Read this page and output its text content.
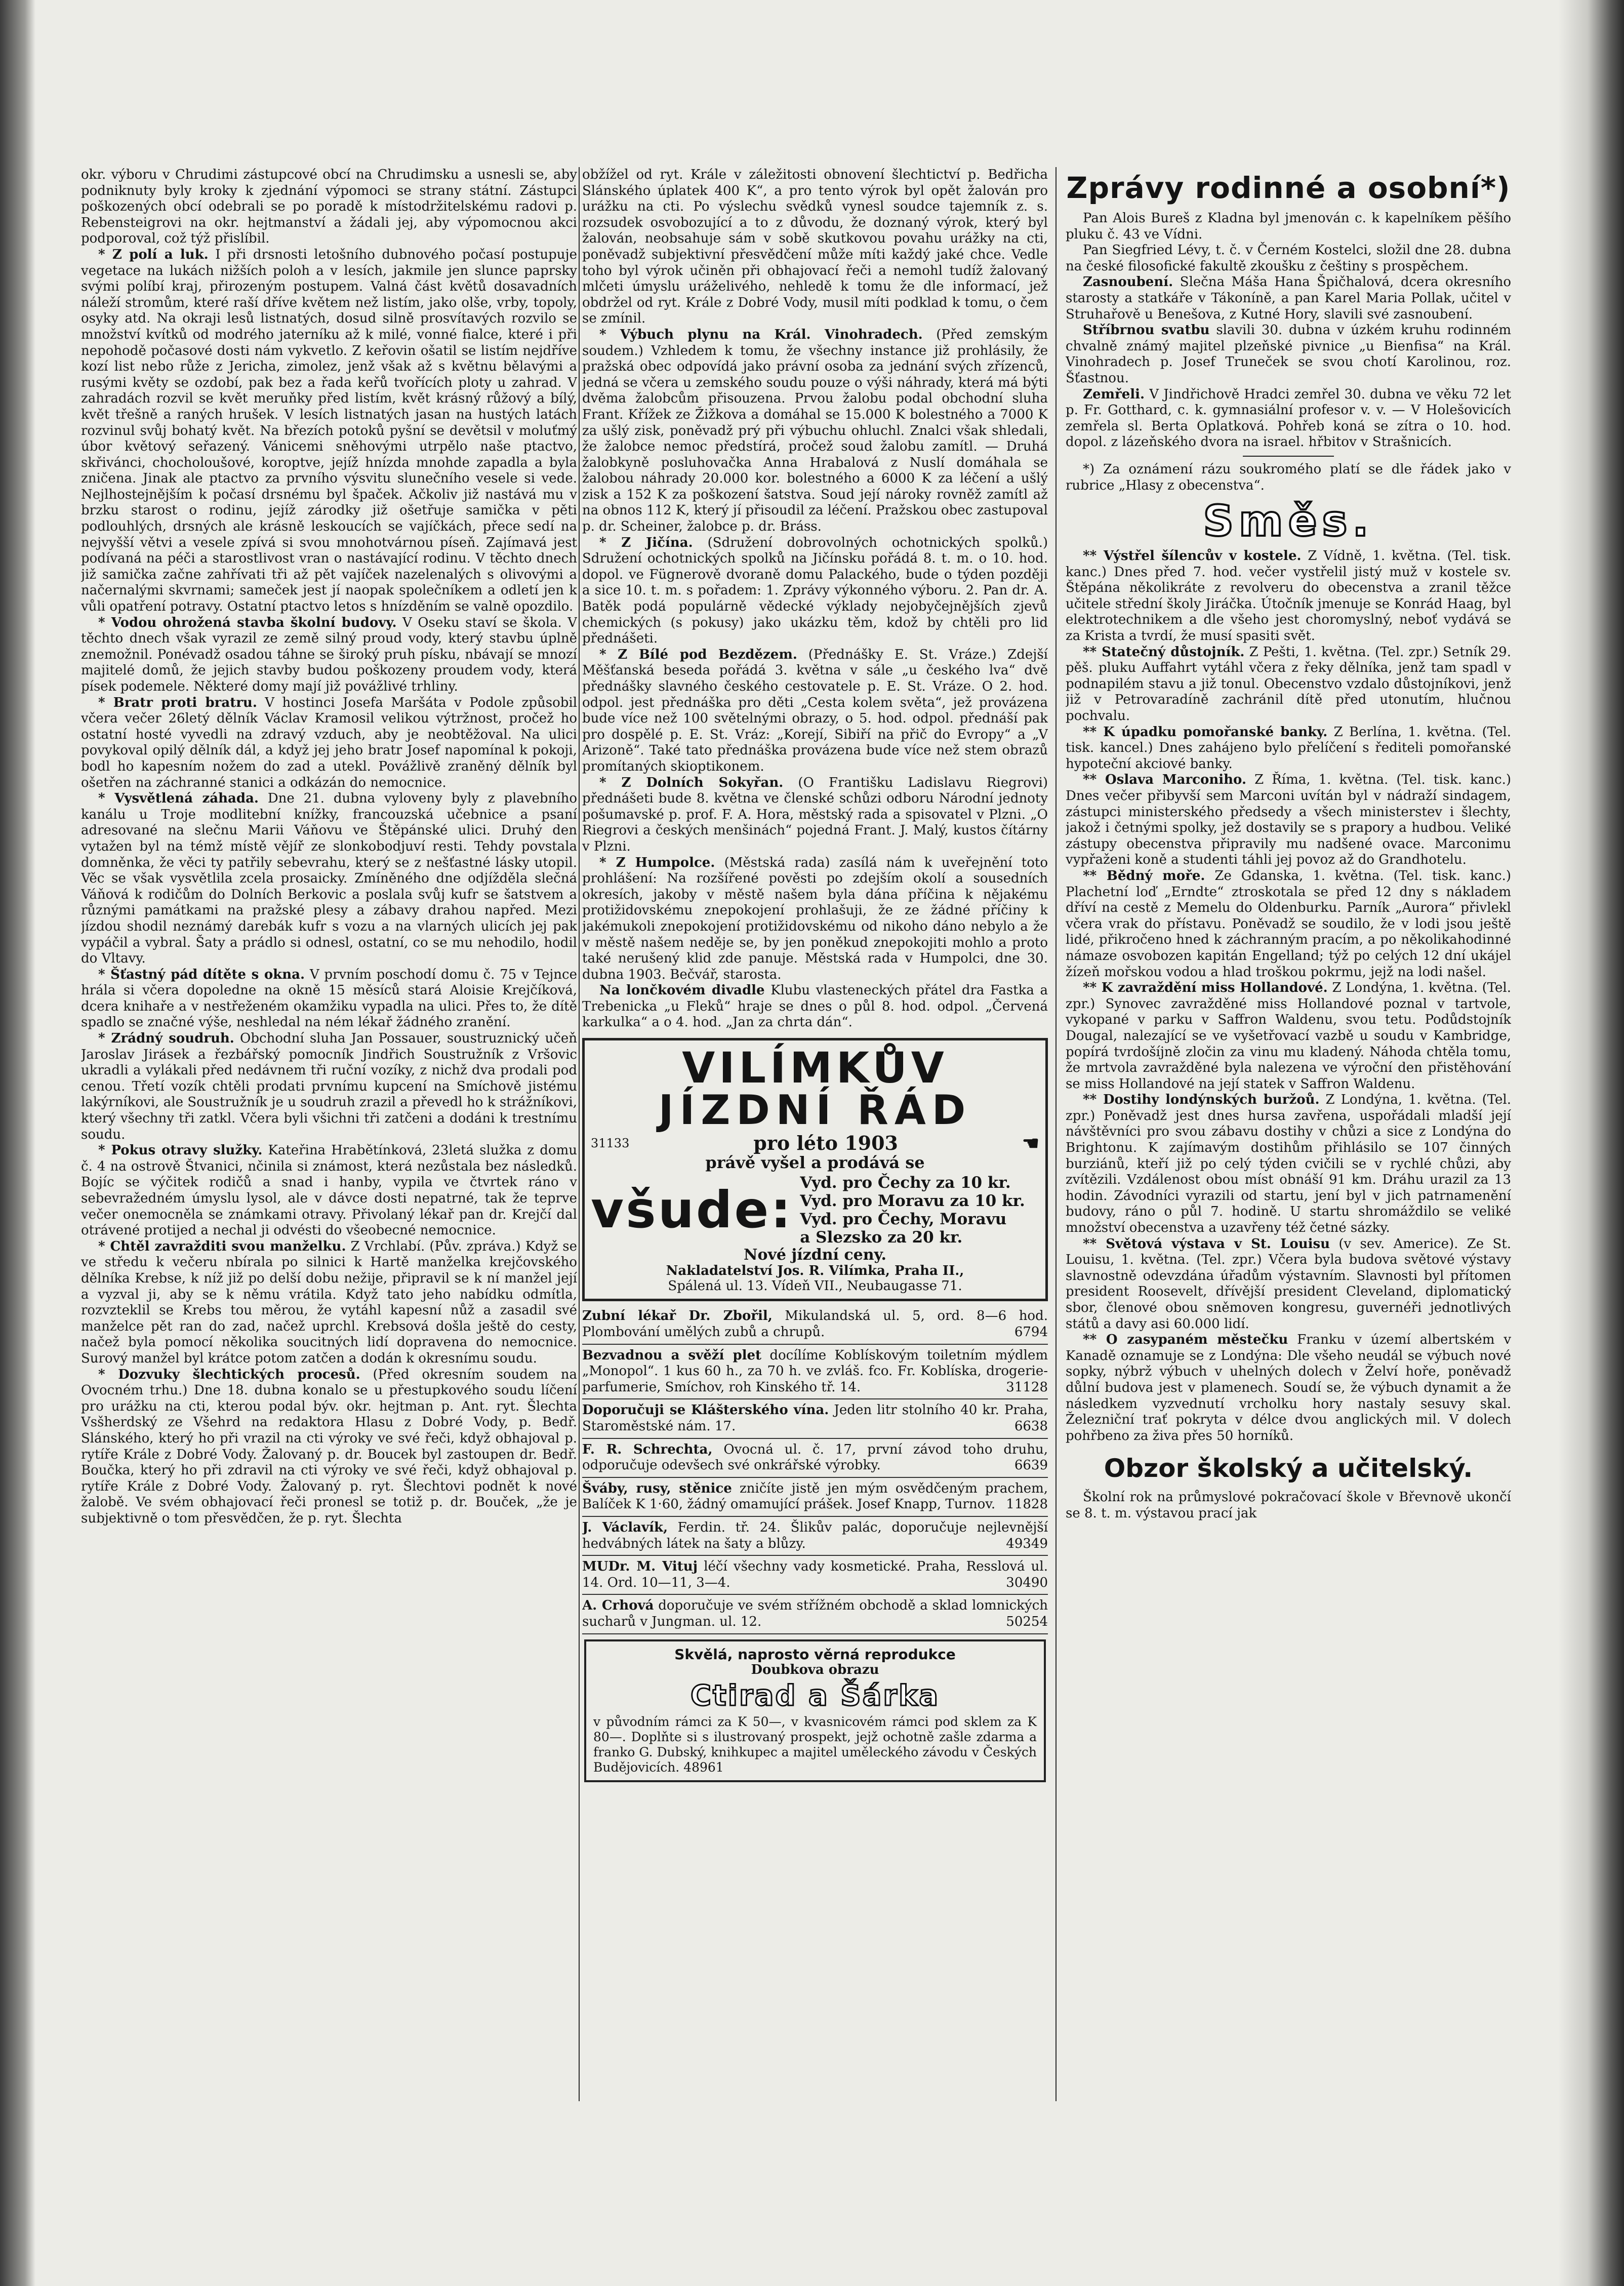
okr. výboru v Chrudimi zástupcové obcí na Chrudimsku a usnesli se, aby podniknuty byly kroky k zjednání výpomoci se strany státní. Zástupci poškozených obcí odebrali se po poradě k místodržitelskému radovi p. Rebensteigrovi na okr. hejtmanství a žádali jej, aby výpomocnou akci podporoval, což týž přislíbil.

* Z polí a luk. I při drsnosti letošního dubnového počasí postupuje vegetace na lukách nižších poloh a v lesích, jakmile jen slunce paprsky svými políbí kraj, přirozeným postupem. Valná část květů dosavadních náleží stromům, které raší dříve květem než listím, jako olše, vrby, topoly, osyky atd. Na okraji lesů listnatých, dosud silně prosvítavých rozvilo se množství kvítků od modrého jaterníku až k milé, vonné fialce, které i při nepohodě počasové dosti nám vykvetlo. Z keřovin ošatil se listím nejdříve kozí list nebo růže z Jericha, zimolez, jenž však až s květnu bělavými a rusými květy se ozdobí, pak bez a řada keřů tvořících ploty u zahrad. V zahradách rozvil se květ meruňky před listím, květ krásný růžový a bílý, květ třešně a raných hrušek. V lesích listnatých jasan na hustých latách rozvinul svůj bohatý květ. Na březích potoků pyšní se devětsil v moluťmý úbor květový seřazený. Vánicemi sněhovými utrpělo naše ptactvo, skřivánci, chocholoušové, koroptve, jejíž hnízda mnohde zapadla a byla zničena. Jinak ale ptactvo za prvního výsvitu slunečního vesele si vede. Nejlhostejnějším k počasí drsnému byl špaček. Ačkoliv již nastává mu v brzku starost o rodinu, jejíž zárodky již ošetřuje samička v pěti podlouhlých, drsných ale krásně leskoucích se vajíčkách, přece sedí na nejvyšší větvi a vesele zpívá si svou mnohotvárnou píseň. Zajímavá jest podívaná na péči a starostlivost vran o nastávající rodinu. V těchto dnech již samička začne zahřívati tři až pět vajíček nazelenalých s olivovými a načernalými skvrnami; sameček jest jí naopak společníkem a odletí jen k vůli opatření potravy. Ostatní ptactvo letos s hnízděním se valně opozdilo.

* Vodou ohrožená stavba školní budovy. V Oseku staví se škola. V těchto dnech však vyrazil ze země silný proud vody, který stavbu úplně znemožnil. Ponévadž osadou táhne se široký pruh písku, nbávají se mnozí majitelé domů, že jejich stavby budou poškozeny proudem vody, která písek podemele. Některé domy mají již povážlivé trhliny.

* Bratr proti bratru. V hostinci Josefa Maršáta v Podole způsobil včera večer 26letý dělník Václav Kramosil velikou výtržnost, pročež ho ostatní hosté vyvedli na zdravý vzduch, aby je neobtěžoval. Na ulici povykoval opilý dělník dál, a když jej jeho bratr Josef napomínal k pokoji, bodl ho kapesním nožem do zad a utekl. Povážlivě zraněný dělník byl ošetřen na záchranné stanici a odkázán do nemocnice.

* Vysvětlená záhada. Dne 21. dubna vyloveny byly z plavebního kanálu u Troje modlitební knížky, francouzská učebnice a psaní adresované na slečnu Marii Váňovu ve Štěpánské ulici. Druhý den vytažen byl na témž místě vějíř ze slonkobodjuví resti. Tehdy povstala domněnka, že věci ty patřily sebevrahu, který se z nešťastné lásky utopil. Věc se však vysvětlila zcela prosaicky. Zmíněného dne odjížděla slečná Váňová k rodičům do Dolních Berkovic a poslala svůj kufr se šatstvem a různými památkami na pražské plesy a zábavy drahou napřed. Mezi jízdou shodil neznámý darebák kufr s vozu a na vlarných ulicích jej pak vypáčil a vybral. Šaty a prádlo si odnesl, ostatní, co se mu nehodilo, hodil do Vltavy.

* Šťastný pád dítěte s okna. V prvním poschodí domu č. 75 v Tejnce hrála si včera dopoledne na okně 15 měsíců stará Aloisie Krejčíková, dcera knihaře a v nestřeženém okamžiku vypadla na ulici. Přes to, že dítě spadlo se značné výše, neshledal na ném lékař žádného zranění.

* Zrádný soudruh. Obchodní sluha Jan Possauer, soustruznický učeň Jaroslav Jirásek a řezbářský pomocník Jindřich Soustružník z Vršovic ukradli a vylákali před nedávnem tři ruční vozíky, z nichž dva prodali pod cenou. Třetí vozík chtěli prodati prvnímu kupcení na Smíchově jistému lakýrníkovi, ale Soustružník je u soudruh zrazil a převedl ho k strážníkovi, který všechny tři zatkl. Včera byli všichni tři zatčeni a dodáni k trestnímu soudu.

* Pokus otravy služky. Kateřina Hrabětínková, 23letá služka z domu č. 4 na ostrově Štvanici, nčinila si známost, která nezůstala bez následků. Bojíc se výčitek rodičů a snad i hanby, vypila ve čtvrtek ráno v sebevražedném úmyslu lysol, ale v dávce dosti nepatrné, tak že teprve večer onemocněla se známkami otravy. Přivolaný lékař pan dr. Krejčí dal otrávené protijed a nechal ji odvésti do všeobecné nemocnice.

* Chtěl zavražditi svou manželku. Z Vrchlabí. (Pův. zpráva.) Když se ve středu k večeru nbírala po silnici k Hartě manželka krejčovského dělníka Krebse, k níž již po delší dobu nežije, připravil se k ní manžel její a vyzval ji, aby se k němu vrátila. Když tato jeho nabídku odmítla, rozvzteklil se Krebs tou měrou, že vytáhl kapesní nůž a zasadil své manželce pět ran do zad, načež uprchl. Krebsová došla ještě do cesty, načež byla pomocí několika soucitných lidí dopravena do nemocnice. Surový manžel byl krátce potom zatčen a dodán k okresnímu soudu.

* Dozvuky šlechtických procesů. (Před okresním soudem na Ovocném trhu.) Dne 18. dubna konalo se u přestupkového soudu líčení pro urážku na cti, kterou podal býv. okr. hejtman p. Ant. ryt. Šlechta Vsšherdský ze Všehrd na redaktora Hlasu z Dobré Vody, p. Bedř. Slánského, který ho při vrazil na cti výroky ve své řeči, když obhajoval p. rytíře Krále z Dobré Vody. Žalovaný p. dr. Boucek byl zastoupen dr. Bedř. Boučka, který ho při zdravil na cti výroky ve své řeči, když obhajoval p. rytíře Krále z Dobré Vody. Žalovaný p. ryt. Šlechtovi podnět k nové žalobě. Ve svém obhajovací řeči pronesl se totiž p. dr. Bouček, „že je subjektivně o tom přesvědčen, že p. ryt. Šlechta

obžížel od ryt. Krále v záležitosti obnovení šlechtictví p. Bedřicha Slánského úplatek 400 K“, a pro tento výrok byl opět žalován pro urážku na cti. Po výslechu svědků vynesl soudce tajemník z. s. rozsudek osvobozující a to z důvodu, že doznaný výrok, který byl žalován, neobsahuje sám v sobě skutkovou povahu urážky na cti, poněvadž subjektivní přesvědčení může míti každý jaké chce. Vedle toho byl výrok učiněn při obhajovací řeči a nemohl tudíž žalovaný mlčeti úmyslu uráželivého, nehledě k tomu že dle informací, jež obdržel od ryt. Krále z Dobré Vody, musil míti podklad k tomu, o čem se zmínil.

* Výbuch plynu na Král. Vinohradech. (Před zemským soudem.) Vzhledem k tomu, že všechny instance již prohlásily, že pražská obec odpovídá jako právní osoba za jednání svých zřízenců, jedná se včera u zemského soudu pouze o výši náhrady, která má býti dvěma žalobcům přisouzena. Prvou žalobu podal obchodní sluha Frant. Křížek ze Žižkova a domáhal se 15.000 K bolestného a 7000 K za ušlý zisk, poněvadž prý při výbuchu ohluchl. Znalci však shledali, že žalobce nemoc předstírá, pročež soud žalobu zamítl. — Druhá žalobkyně posluhovačka Anna Hrabalová z Nuslí domáhala se žalobou náhrady 20.000 kor. bolestného a 6000 K za léčení a ušlý zisk a 152 K za poškození šatstva. Soud její nároky rovněž zamítl až na obnos 112 K, který jí přisoudil za léčení. Pražskou obec zastupoval p. dr. Scheiner, žalobce p. dr. Bráss.

* Z Jičína. (Sdružení dobrovolných ochotnických spolků.) Sdružení ochotnických spolků na Jičínsku pořádá 8. t. m. o 10. hod. dopol. ve Fügnerově dvoraně domu Palackého, bude o týden později a sice 10. t. m. s pořadem: 1. Zprávy výkonného výboru. 2. Pan dr. A. Batěk podá populárně vědecké výklady nejobyčejnějších zjevů chemických (s pokusy) jako ukázku těm, kdož by chtěli pro lid přednášeti.

* Z Bílé pod Bezdězem. (Přednášky E. St. Vráze.) Zdejší Měšťanská beseda pořádá 3. května v sále „u českého lva“ dvě přednášky slavného českého cestovatele p. E. St. Vráze. O 2. hod. odpol. jest přednáška pro děti „Cesta kolem světa“, jež provázena bude více než 100 světelnými obrazy, o 5. hod. odpol. přednáší pak pro dospělé p. E. St. Vráz: „Korejí, Sibiří na přič do Evropy“ a „V Arizoně“. Také tato přednáška provázena bude více než stem obrazů promítaných skioptikonem.

* Z Dolních Sokyřan. (O Františku Ladislavu Riegrovi) přednášeti bude 8. května ve členské schůzi odboru Národní jednoty pošumavské p. prof. F. A. Hora, městský rada a spisovatel v Plzni. „O Riegrovi a českých menšinách“ pojedná Frant. J. Malý, kustos čítárny v Plzni.

* Z Humpolce. (Městská rada) zasílá nám k uveřejnění toto prohlášení: Na rozšířené pověsti po zdejším okolí a sousedních okresích, jakoby v městě našem byla dána příčina k nějakému protižidovskému znepokojení prohlašuji, že ze žádné příčiny k jakémukoli znepokojení protižidovskému od nikoho dáno nebylo a že v městě našem neděje se, by jen poněkud znepokojiti mohlo a proto také nerušený klid zde panuje. Městská rada v Humpolci, dne 30. dubna 1903. Bečvář, starosta.

Na lončkovém divadle Klubu vlasteneckých přátel dra Fastka a Trebenicka „u Fleků“ hraje se dnes o půl 8. hod. odpol. „Červená karkulka“ a o 4. hod. „Jan za chrta dán“.

VILÍMKŮV
JÍZDNÍ ŘÁD
31133	pro léto 1903	☚
právě vyšel a prodává se
všude: Vyd. pro Čechy za 10 kr.
Vyd. pro Moravu za 10 kr.
Vyd. pro Čechy, Moravu
a Slezsko za 20 kr.
Nové jízdní ceny.
Nakladatelství Jos. R. Vilímka, Praha II.,
Spálená ul. 13. Vídeň VII., Neubaugasse 71.
Zubní lékař Dr. Zbořil, Mikulandská ul. 5, ord. 8—6 hod. Plombování umělých zubů a chrupů.	6794
Bezvadnou a svěží plet docílíme Koblískovým toiletním mýdlem „Monopol“. 1 kus 60 h., za 70 h. ve zvláš. fco. Fr. Koblíska, drogerie-parfumerie, Smíchov, roh Kinského tř. 14.	31128
Doporučuji se Klášterského vína. Jeden litr stolního 40 kr. Praha, Staroměstské nám. 17.	6638
F. R. Schrechta, Ovocná ul. č. 17, první závod toho druhu, odporučuje odevšech své onkrářské výrobky.	6639
Šváby, rusy, stěnice zničíte jistě jen mým osvědčeným prachem, Balíček K 1·60, žádný omamující prášek. Josef Knapp, Turnov. 11828
J. Václavík, Ferdin. tř. 24. Šlikův palác, doporučuje nejlevnější hedvábných látek na šaty a blůzy.	49349
MUDr. M. Vituj léčí všechny vady kosmetické. Praha, Resslová ul. 14. Ord. 10—11, 3—4.	30490
A. Crhová doporučuje ve svém střížném obchodě a sklad lomnických sucharů v Jungman. ul. 12.	50254
Skvělá, naprosto věrná reprodukce
Doubkova obrazu
Ctirad a Šárka
v původním rámci za K 50—, v kvasnicovém rámci pod sklem za K 80—. Doplňte si s ilustrovaný prospekt, jejž ochotně zašle zdarma a franko G. Dubský, knihkupec a majitel uměleckého závodu v Českých Budějovicích. 48961
Zprávy rodinné a osobní*)

Pan Alois Bureš z Kladna byl jmenován c. k kapelníkem pěšího pluku č. 43 ve Vídni.

Pan Siegfried Lévy, t. č. v Černém Kostelci, složil dne 28. dubna na české filosofické fakultě zkoušku z češtiny s prospěchem.

Zasnoubení. Slečna Máša Hana Špičhalová, dcera okresního starosty a statkáře v Tákoníně, a pan Karel Maria Pollak, učitel v Struhařově u Benešova, z Kutné Hory, slavili své zasnoubení.

Stříbrnou svatbu slavili 30. dubna v úzkém kruhu rodinném chvalně známý majitel plzeňské pivnice „u Bienfisa“ na Král. Vinohradech p. Josef Truneček se svou chotí Karolinou, roz. Šťastnou.

Zemřeli. V Jindřichově Hradci zemřel 30. dubna ve věku 72 let p. Fr. Gotthard, c. k. gymnasiální profesor v. v. — V Holešovicích zemřela sl. Berta Oplatková. Pohřeb koná se zítra o 10. hod. dopol. z lázeňského dvora na israel. hřbitov v Strašnicích.

*) Za oznámení rázu soukromého platí se dle řádek jako v rubrice „Hlasy z obecenstva“.

Směs.

** Výstřel šílencův v kostele. Z Vídně, 1. května. (Tel. tisk. kanc.) Dnes před 7. hod. večer vystřelil jistý muž v kostele sv. Štěpána několikráte z revolveru do obecenstva a zranil těžce učitele střední školy Jiráčka. Útočník jmenuje se Konrád Haag, byl elektrotechnikem a dle všeho jest choromyslný, neboť vydává se za Krista a tvrdí, že musí spasiti svět.

** Statečný důstojník. Z Pešti, 1. května. (Tel. zpr.) Setník 29. pěš. pluku Auffahrt vytáhl včera z řeky dělníka, jenž tam spadl v podnapilém stavu a již tonul. Obecenstvo vzdalo důstojníkovi, jenž již v Petrovaradíně zachránil dítě před utonutím, hlučnou pochvalu.

** K úpadku pomořanské banky. Z Berlína, 1. května. (Tel. tisk. kancel.) Dnes zahájeno bylo přelíčení s řediteli pomořanské hypoteční akciové banky.

** Oslava Marconiho. Z Říma, 1. května. (Tel. tisk. kanc.) Dnes večer přibyvší sem Marconi uvítán byl v nádraží sindagem, zástupci ministerského předsedy a všech ministerstev i šlechty, jakož i četnými spolky, jež dostavily se s prapory a hudbou. Veliké zástupy obecenstva připravily mu nadšené ovace. Marconimu vypřaženi koně a studenti táhli jej povoz až do Grandhotelu.

** Bědný moře. Ze Gdanska, 1. května. (Tel. tisk. kanc.) Plachetní loď „Erndte“ ztroskotala se před 12 dny s nákladem dříví na cestě z Memelu do Oldenburku. Parník „Aurora“ přivlekl včera vrak do přístavu. Poněvadž se soudilo, že v lodi jsou ještě lidé, přikročeno hned k záchranným pracím, a po několikahodinné námaze osvobozen kapitán Engelland; týž po celých 12 dní ukájel žízeň mořskou vodou a hlad troškou pokrmu, jejž na lodi našel.

** K zavraždění miss Hollandové. Z Londýna, 1. května. (Tel. zpr.) Synovec zavražděné miss Hollandové poznal v tartvole, vykopané v parku v Saffron Waldenu, svou tetu. Podůdstojník Dougal, nalezající se ve vyšetřovací vazbě u soudu v Kambridge, popírá tvrdošíjně zločin za vinu mu kladený. Náhoda chtěla tomu, že mrtvola zavražděné byla nalezena ve výroční den přistěhování se miss Hollandové na její statek v Saffron Waldenu.

** Dostihy londýnských buržoů. Z Londýna, 1. května. (Tel. zpr.) Poněvadž jest dnes hursa zavřena, uspořádali mladší její návštěvníci pro svou zábavu dostihy v chůzi a sice z Londýna do Brightonu. K zajímavým dostihům přihlásilo se 107 činných burziánů, kteří již po celý týden cvičili se v rychlé chůzi, aby zvítězili. Vzdálenost obou míst obnáší 91 km. Dráhu urazil za 13 hodin. Závodníci vyrazili od startu, jení byl v jich patrnamenění budovy, ráno o půl 7. hodině. U startu shromáždilo se veliké množství obecenstva a uzavřeny též četné sázky.

** Světová výstava v St. Louisu (v sev. Americe). Ze St. Louisu, 1. května. (Tel. zpr.) Včera byla budova světové výstavy slavnostně odevzdána úřadům výstavním. Slavnosti byl přítomen president Roosevelt, dřívější president Cleveland, diplomatický sbor, členové obou sněmoven kongresu, guvernéři jednotlivých států a davy asi 60.000 lidí.

** O zasypaném městečku Franku v území albertském v Kanadě oznamuje se z Londýna: Dle všeho neudál se výbuch nové sopky, nýbrž výbuch v uhelných dolech v Želví hoře, poněvadž důlní budova jest v plamenech. Soudí se, že výbuch dynamit a že následkem vyzvednutí vrcholku hory nastaly sesuvy skal. Železniční trať pokryta v délce dvou anglických mil. V dolech pohřbeno za živa přes 50 horníků.

Obzor školský a učitelský.

Školní rok na průmyslové pokračovací škole v Břevnově ukončí se 8. t. m. výstavou prací jak
